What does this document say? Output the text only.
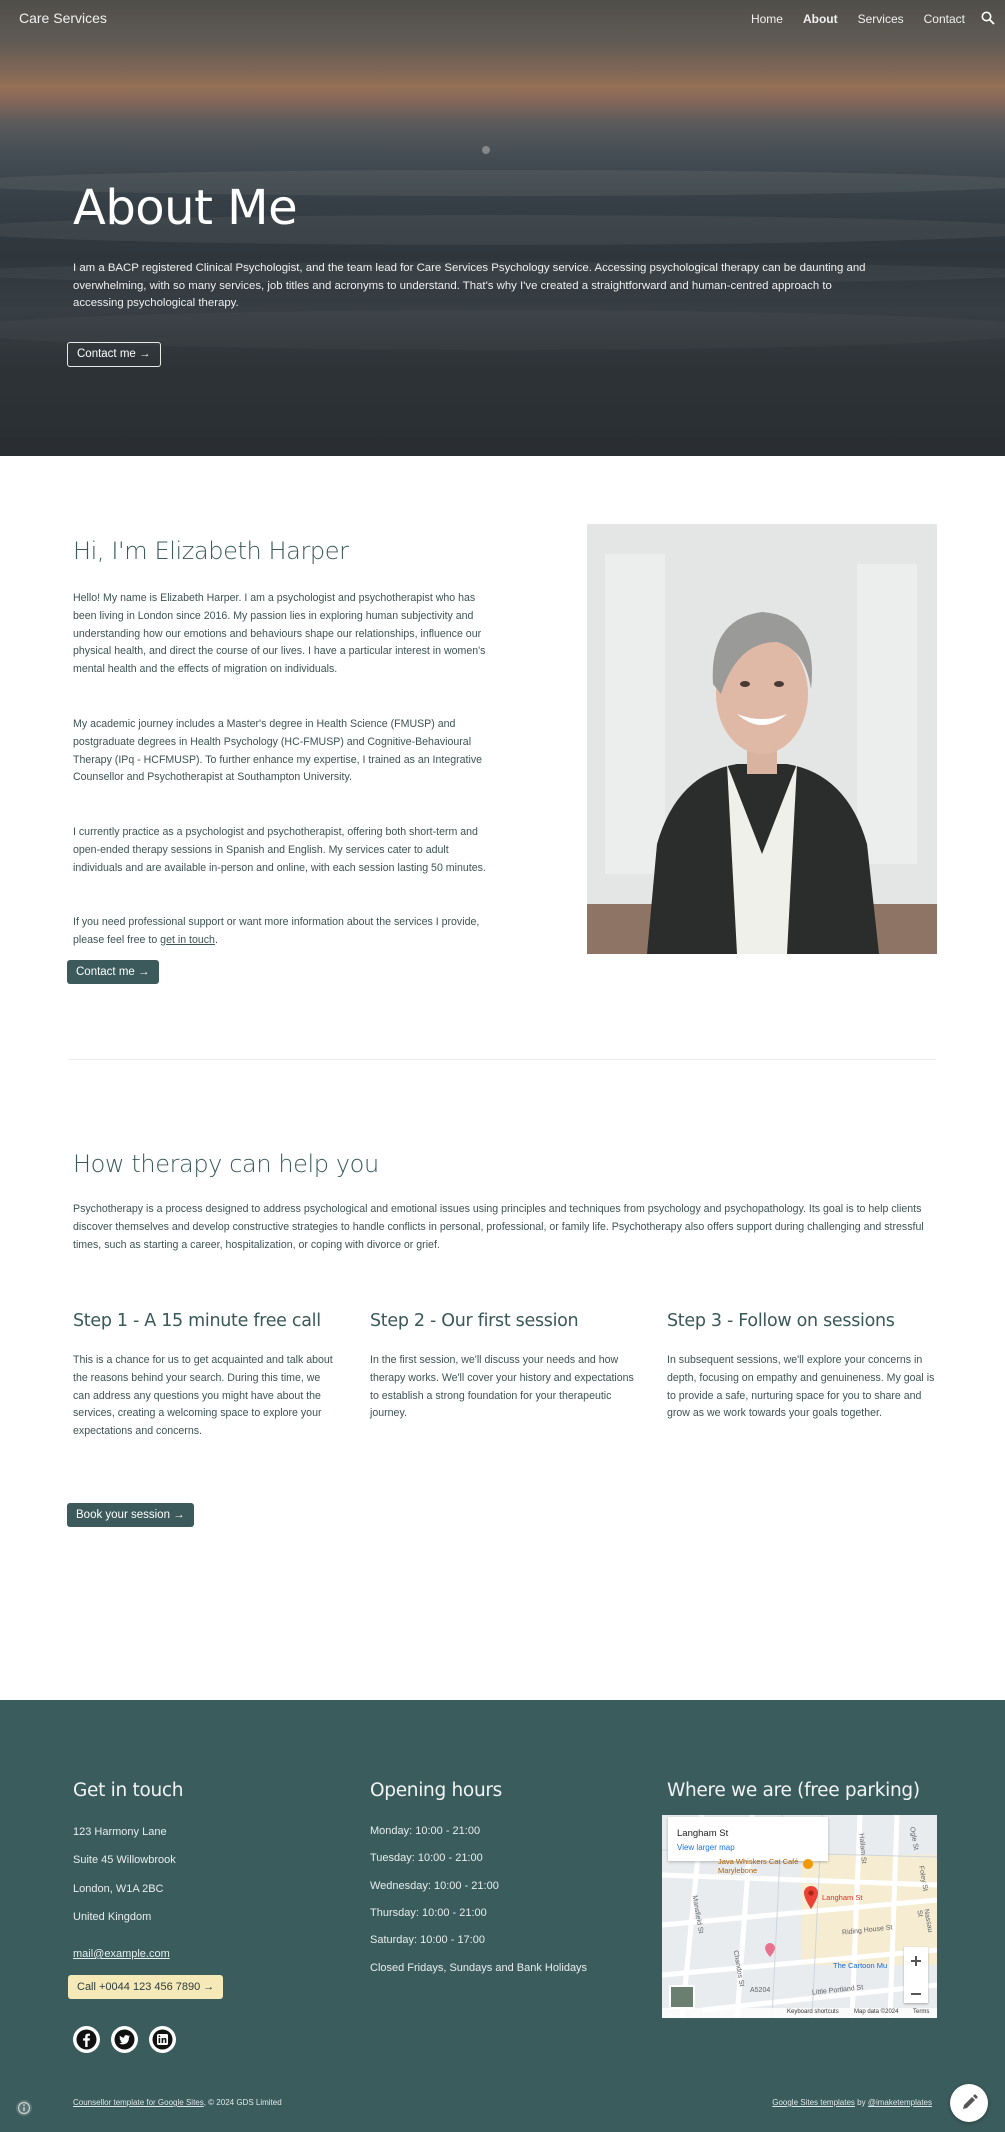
Care Services	Home About Services Contact
About Me

I am a BACP registered Clinical Psychologist, and the team lead for Care Services Psychology service. Accessing psychological therapy can be daunting and overwhelming, with so many services, job titles and acronyms to understand. That's why I've created a straightforward and human-centred approach to accessing psychological therapy.

Contact me →
Hi, I'm Elizabeth Harper

Hello! My name is Elizabeth Harper. I am a psychologist and psychotherapist who has been living in London since 2016. My passion lies in exploring human subjectivity and understanding how our emotions and behaviours shape our relationships, influence our physical health, and direct the course of our lives. I have a particular interest in women's mental health and the effects of migration on individuals.

My academic journey includes a Master's degree in Health Science (FMUSP) and postgraduate degrees in Health Psychology (HC-FMUSP) and Cognitive-Behavioural Therapy (IPq - HCFMUSP). To further enhance my expertise, I trained as an Integrative Counsellor and Psychotherapist at Southampton University.

I currently practice as a psychologist and psychotherapist, offering both short-term and open-ended therapy sessions in Spanish and English. My services cater to adult individuals and are available in-person and online, with each session lasting 50 minutes.

If you need professional support or want more information about the services I provide, please feel free to get in touch.

Contact me →
How therapy can help you

Psychotherapy is a process designed to address psychological and emotional issues using principles and techniques from psychology and psychopathology. Its goal is to help clients discover themselves and develop constructive strategies to handle conflicts in personal, professional, or family life. Psychotherapy also offers support during challenging and stressful times, such as starting a career, hospitalization, or coping with divorce or grief.

Step 1 - A 15 minute free call

This is a chance for us to get acquainted and talk about the reasons behind your search. During this time, we can address any questions you might have about the services, creating a welcoming space to explore your expectations and concerns.

Step 2 - Our first session

In the first session, we'll discuss your needs and how therapy works. We'll cover your history and expectations to establish a strong foundation for your therapeutic journey.

Step 3 - Follow on sessions

In subsequent sessions, we'll explore your concerns in depth, focusing on empathy and genuineness. My goal is to provide a safe, nurturing space for you to share and grow as we work towards your goals together.

Book your session →
Get in touch
123 Harmony Lane
Suite 45 Willowbrook
London, W1A 2BC
United Kingdom
mail@example.com
Call +0044 123 456 7890 →
Opening hours
Monday: 10:00 - 21:00
Tuesday: 10:00 - 21:00
Wednesday: 10:00 - 21:00
Thursday: 10:00 - 21:00
Saturday: 10:00 - 17:00
Closed Fridays, Sundays and Bank Holidays
Where we are (free parking)
Langham St
View larger map
Java Whiskers Cat Café Marylebone
Langham St
Riding House St
The Cartoon Mu
Little Portland St
Mansfield St
Chandos St
Hallam St	Ogle St
Foley St
Nassau St
A5204

Keyboard shortcuts	Map data ©2024 Terms
Counsellor template for Google Sites, © 2024 GDS Limited	Google Sites templates by @imaketemplates
